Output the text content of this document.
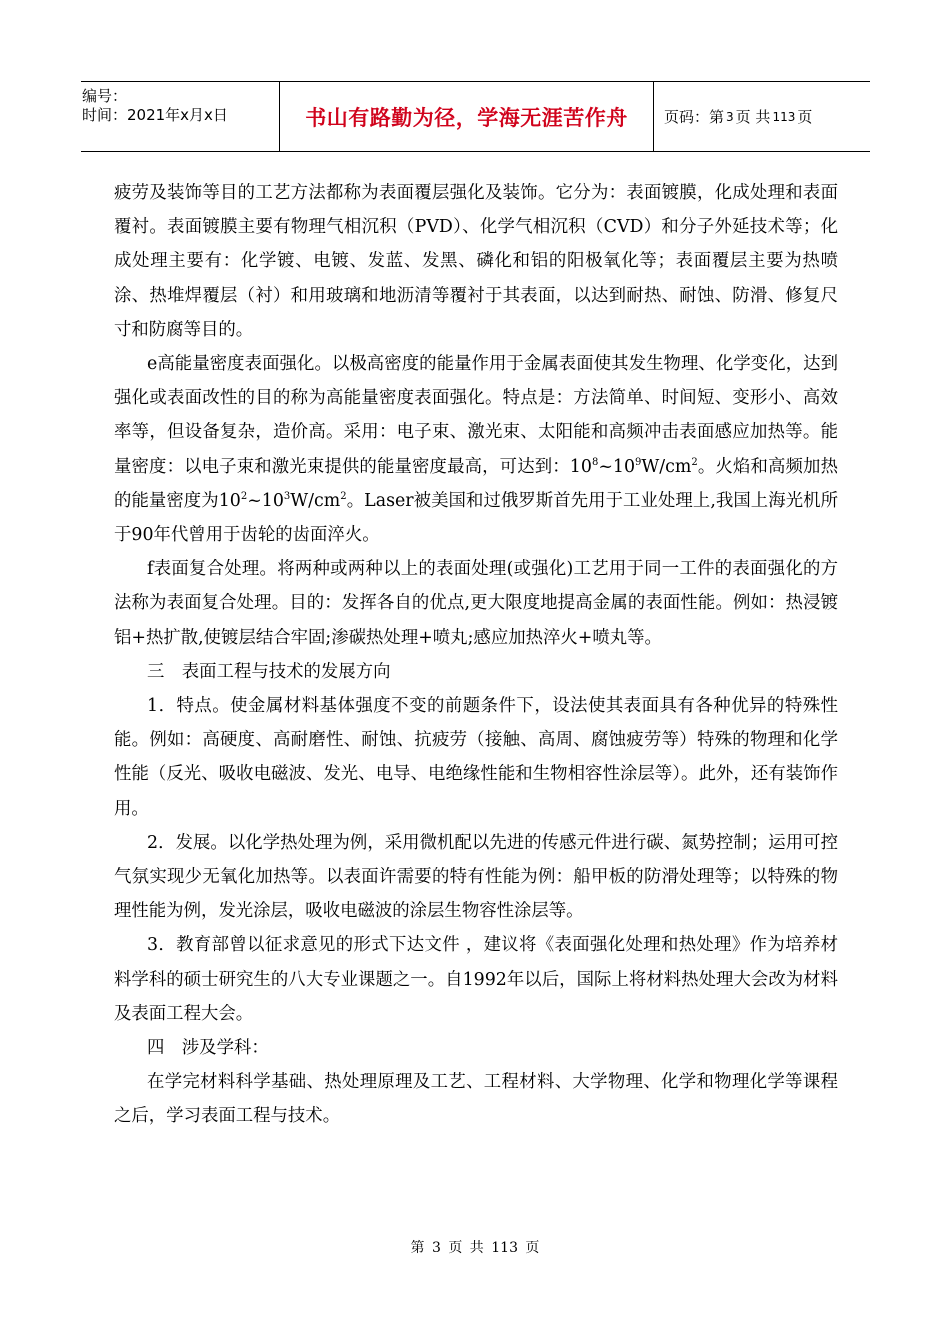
编号：
时间：2021年x月x日	书山有路勤为径，学海无涯苦作舟	页码：第 3 页 共 113 页

疲劳及装饰等目的工艺方法都称为表面覆层强化及装饰。它分为：表面镀膜，化成处理和表面覆衬。表面镀膜主要有物理气相沉积（PVD）、化学气相沉积（CVD）和分子外延技术等；化成处理主要有：化学镀、电镀、发蓝、发黑、磷化和铝的阳极氧化等；表面覆层主要为热喷涂、热堆焊覆层（衬）和用玻璃和地沥清等覆衬于其表面，以达到耐热、耐蚀、防滑、修复尺寸和防腐等目的。

e高能量密度表面强化。以极高密度的能量作用于金属表面使其发生物理、化学变化，达到强化或表面改性的目的称为高能量密度表面强化。特点是：方法简单、时间短、变形小、高效率等，但设备复杂，造价高。采用：电子束、激光束、太阳能和高频冲击表面感应加热等。能量密度：以电子束和激光束提供的能量密度最高，可达到：$10^8\sim 10^9W/cm^2$。火焰和高频加热的能量密度为$10^2\sim 10^3W/cm^2$。Laser被美国和过俄罗斯首先用于工业处理上,我国上海光机所于90年代曾用于齿轮的齿面淬火。

f表面复合处理。将两种或两种以上的表面处理(或强化)工艺用于同一工件的表面强化的方法称为表面复合处理。目的：发挥各自的优点,更大限度地提高金属的表面性能。例如：热浸镀铝+热扩散,使镀层结合牢固;渗碳热处理+喷丸;感应加热淬火+喷丸等。

三　表面工程与技术的发展方向

1．特点。使金属材料基体强度不变的前题条件下，设法使其表面具有各种优异的特殊性能。例如：高硬度、高耐磨性、耐蚀、抗疲劳（接触、高周、腐蚀疲劳等）特殊的物理和化学性能（反光、吸收电磁波、发光、电导、电绝缘性能和生物相容性涂层等）。此外，还有装饰作用。

2．发展。以化学热处理为例，采用微机配以先进的传感元件进行碳、氮势控制；运用可控气氛实现少无氧化加热等。以表面许需要的特有性能为例：船甲板的防滑处理等；以特殊的物理性能为例，发光涂层，吸收电磁波的涂层生物容性涂层等。

3．教育部曾以征求意见的形式下达文件 ，建议将《表面强化处理和热处理》作为培养材料学科的硕士研究生的八大专业课题之一。自1992年以后，国际上将材料热处理大会改为材料及表面工程大会。

四　涉及学科：

在学完材料科学基础、热处理原理及工艺、工程材料、大学物理、化学和物理化学等课程之后，学习表面工程与技术。

第 3 页 共 113 页
